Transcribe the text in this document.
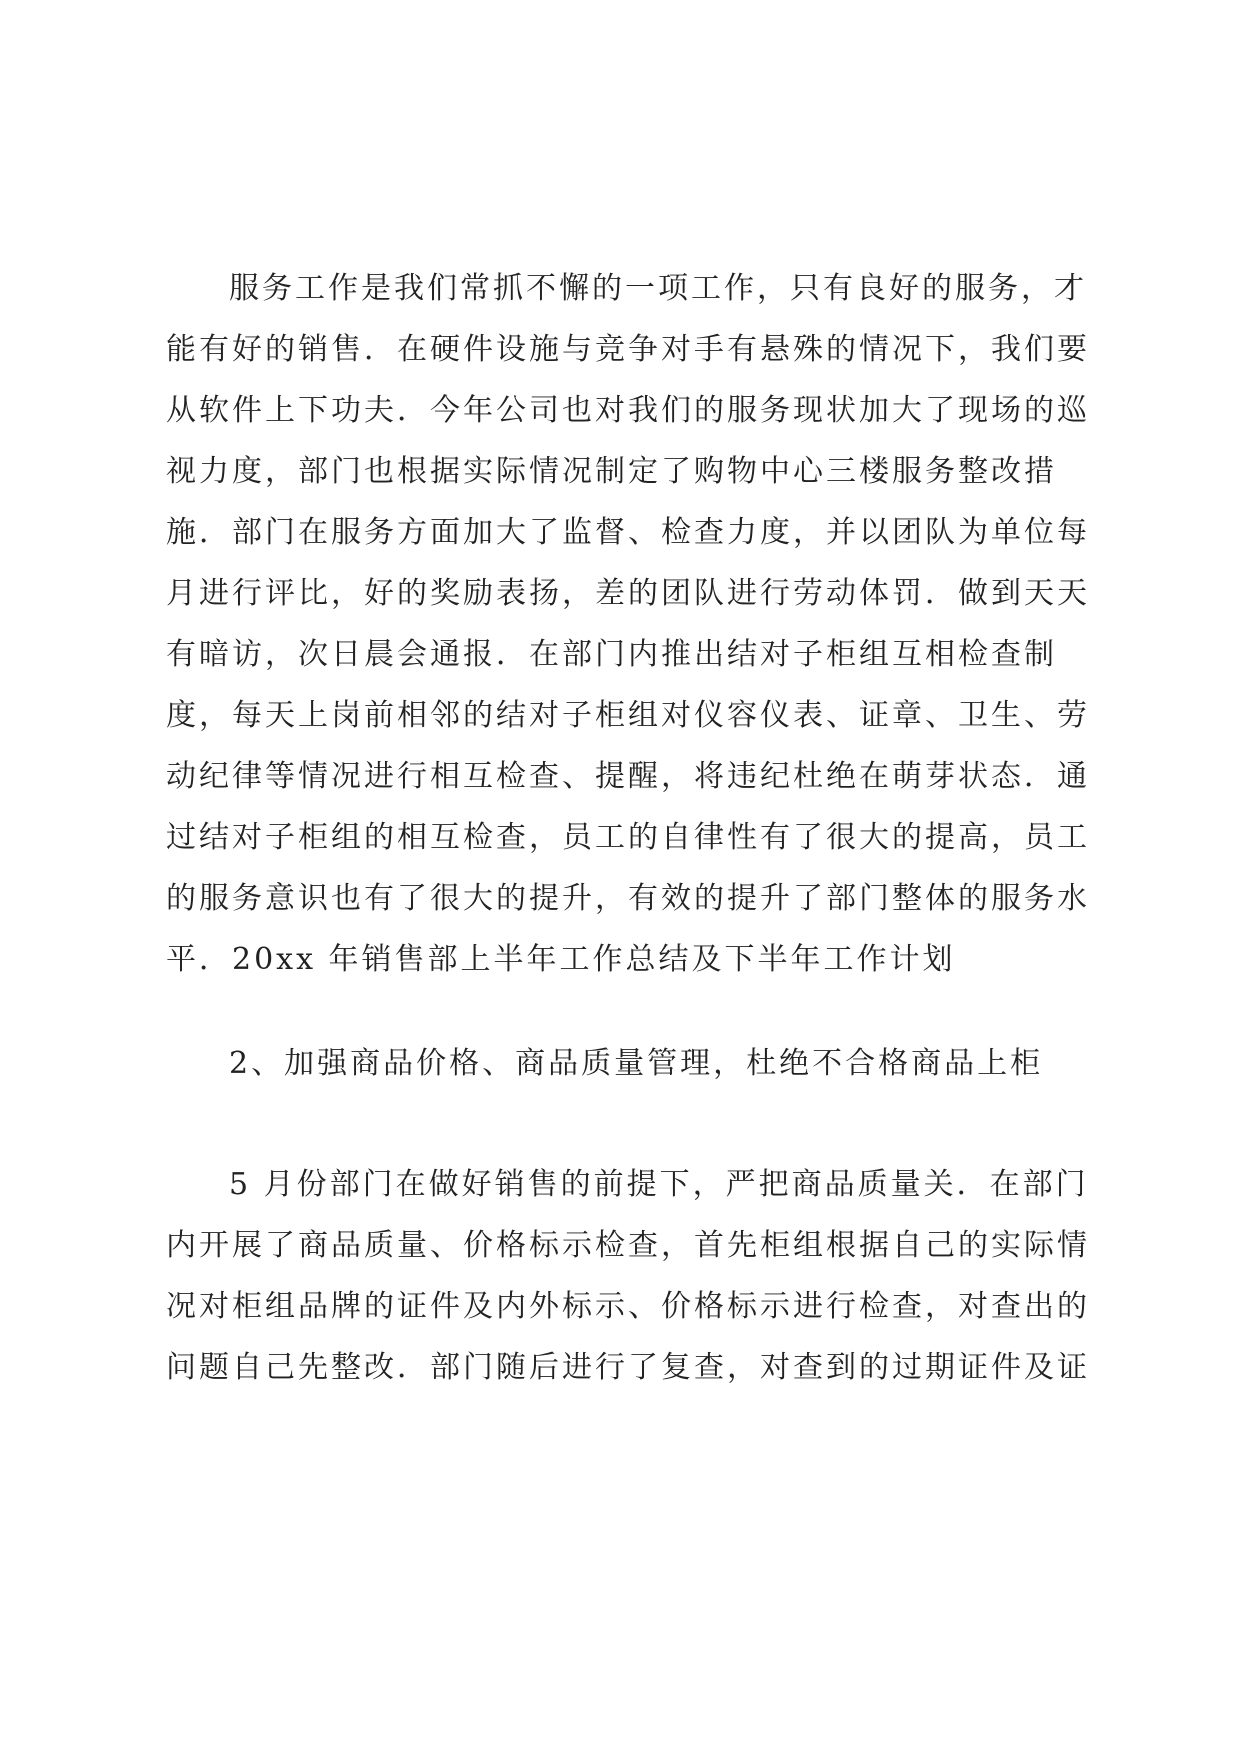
服务工作是我们常抓不懈的一项工作，只有良好的服务，才
能有好的销售．在硬件设施与竞争对手有悬殊的情况下，我们要
从软件上下功夫．今年公司也对我们的服务现状加大了现场的巡
视力度，部门也根据实际情况制定了购物中心三楼服务整改措
施．部门在服务方面加大了监督、检查力度，并以团队为单位每
月进行评比，好的奖励表扬，差的团队进行劳动体罚．做到天天
有暗访，次日晨会通报．在部门内推出结对子柜组互相检查制
度，每天上岗前相邻的结对子柜组对仪容仪表、证章、卫生、劳
动纪律等情况进行相互检查、提醒，将违纪杜绝在萌芽状态．通
过结对子柜组的相互检查，员工的自律性有了很大的提高，员工
的服务意识也有了很大的提升，有效的提升了部门整体的服务水
平．20xx 年销售部上半年工作总结及下半年工作计划
2、加强商品价格、商品质量管理，杜绝不合格商品上柜
5 月份部门在做好销售的前提下，严把商品质量关．在部门
内开展了商品质量、价格标示检查，首先柜组根据自己的实际情
况对柜组品牌的证件及内外标示、价格标示进行检查，对查出的
问题自己先整改．部门随后进行了复查，对查到的过期证件及证
